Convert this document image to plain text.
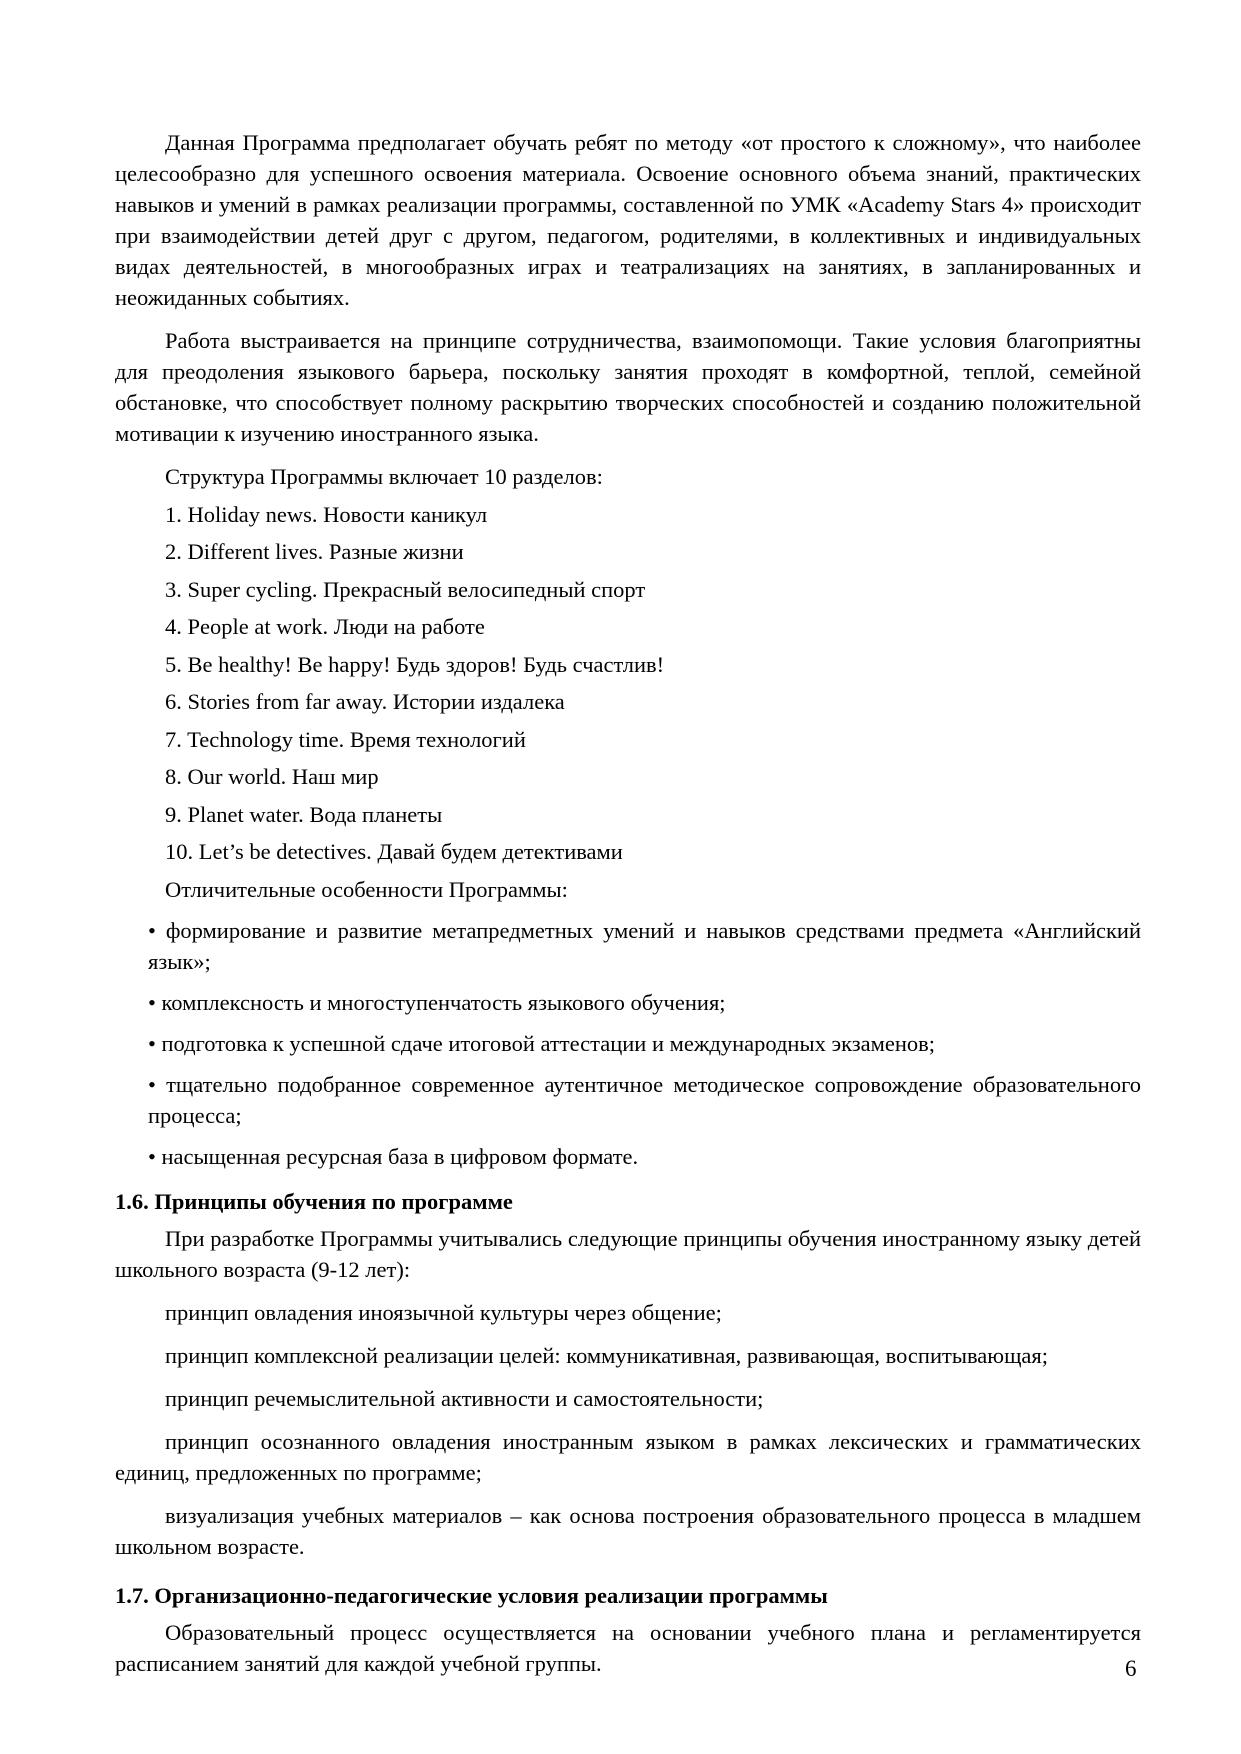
Данная Программа предполагает обучать ребят по методу «от простого к сложному», что наиболее целесообразно для успешного освоения материала. Освоение основного объема знаний, практических навыков и умений в рамках реализации программы, составленной по УМК «Academy Stars 4» происходит при взаимодействии детей друг с другом, педагогом, родителями, в коллективных и индивидуальных видах деятельностей, в многообразных играх и театрализациях на занятиях, в запланированных и неожиданных событиях.

Работа выстраивается на принципе сотрудничества, взаимопомощи. Такие условия благоприятны для преодоления языкового барьера, поскольку занятия проходят в комфортной, теплой, семейной обстановке, что способствует полному раскрытию творческих способностей и созданию положительной мотивации к изучению иностранного языка.

Структура Программы включает 10 разделов:
1. Holiday news. Новости каникул
2. Different lives. Разные жизни
3. Super cycling. Прекрасный велосипедный спорт
4. People at work. Люди на работе
5. Be healthy! Be happy! Будь здоров! Будь счастлив!
6. Stories from far away. Истории издалека
7. Technology time. Время технологий
8. Our world. Наш мир
9. Planet water. Вода планеты
10. Let’s be detectives. Давай будем детективами
Отличительные особенности Программы:
• формирование и развитие метапредметных умений и навыков средствами предмета «Английский язык»;
• комплексность и многоступенчатость языкового обучения;
• подготовка к успешной сдаче итоговой аттестации и международных экзаменов;
• тщательно подобранное современное аутентичное методическое сопровождение образовательного процесса;
• насыщенная ресурсная база в цифровом формате.
1.6. Принципы обучения по программе

При разработке Программы учитывались следующие принципы обучения иностранному языку детей школьного возраста (9-12 лет):

принцип овладения иноязычной культуры через общение;

принцип комплексной реализации целей: коммуникативная, развивающая, воспитывающая;

принцип речемыслительной активности и самостоятельности;

принцип осознанного овладения иностранным языком в рамках лексических и грамматических единиц, предложенных по программе;

визуализация учебных материалов – как основа построения образовательного процесса в младшем школьном возрасте.

1.7. Организационно-педагогические условия реализации программы

Образовательный процесс осуществляется на основании учебного плана и регламентируется расписанием занятий для каждой учебной группы.	6
